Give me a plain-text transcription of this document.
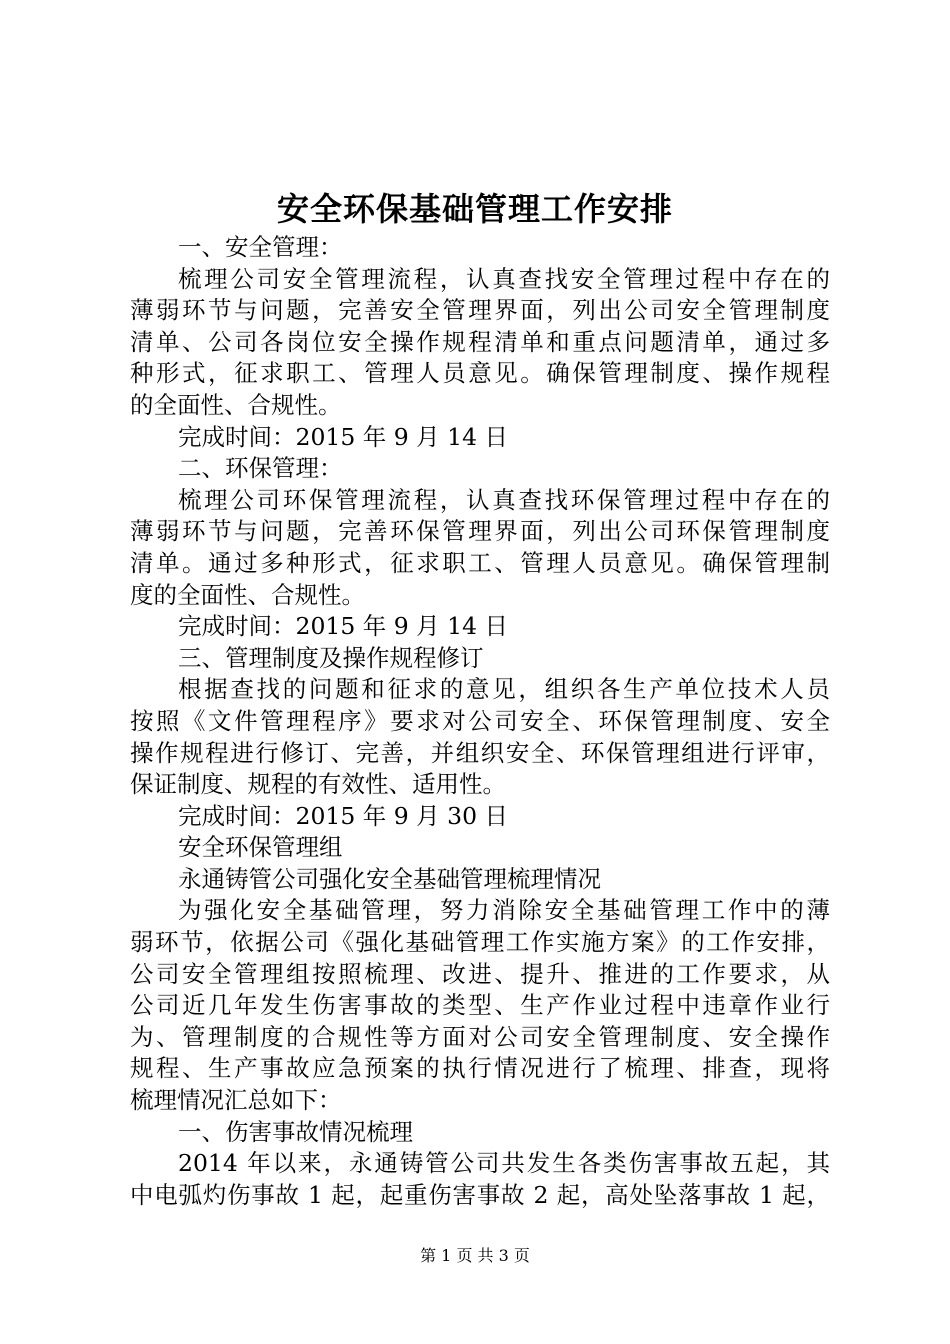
安全环保基础管理工作安排
一、安全管理：
梳理公司安全管理流程，认真查找安全管理过程中存在的
薄弱环节与问题，完善安全管理界面，列出公司安全管理制度
清单、公司各岗位安全操作规程清单和重点问题清单，通过多
种形式，征求职工、管理人员意见。确保管理制度、操作规程
的全面性、合规性。
完成时间：2015 年 9 月 14 日
二、环保管理：
梳理公司环保管理流程，认真查找环保管理过程中存在的
薄弱环节与问题，完善环保管理界面，列出公司环保管理制度
清单。通过多种形式，征求职工、管理人员意见。确保管理制
度的全面性、合规性。
完成时间：2015 年 9 月 14 日
三、管理制度及操作规程修订
根据查找的问题和征求的意见，组织各生产单位技术人员
按照《文件管理程序》要求对公司安全、环保管理制度、安全
操作规程进行修订、完善，并组织安全、环保管理组进行评审，
保证制度、规程的有效性、适用性。
完成时间：2015 年 9 月 30 日
安全环保管理组
永通铸管公司强化安全基础管理梳理情况
为强化安全基础管理，努力消除安全基础管理工作中的薄
弱环节，依据公司《强化基础管理工作实施方案》的工作安排，
公司安全管理组按照梳理、改进、提升、推进的工作要求，从
公司近几年发生伤害事故的类型、生产作业过程中违章作业行
为、管理制度的合规性等方面对公司安全管理制度、安全操作
规程、生产事故应急预案的执行情况进行了梳理、排查，现将
梳理情况汇总如下：
一、伤害事故情况梳理
2014 年以来，永通铸管公司共发生各类伤害事故五起，其
中电弧灼伤事故 1 起，起重伤害事故 2 起，高处坠落事故 1 起，
第 1 页 共 3 页
